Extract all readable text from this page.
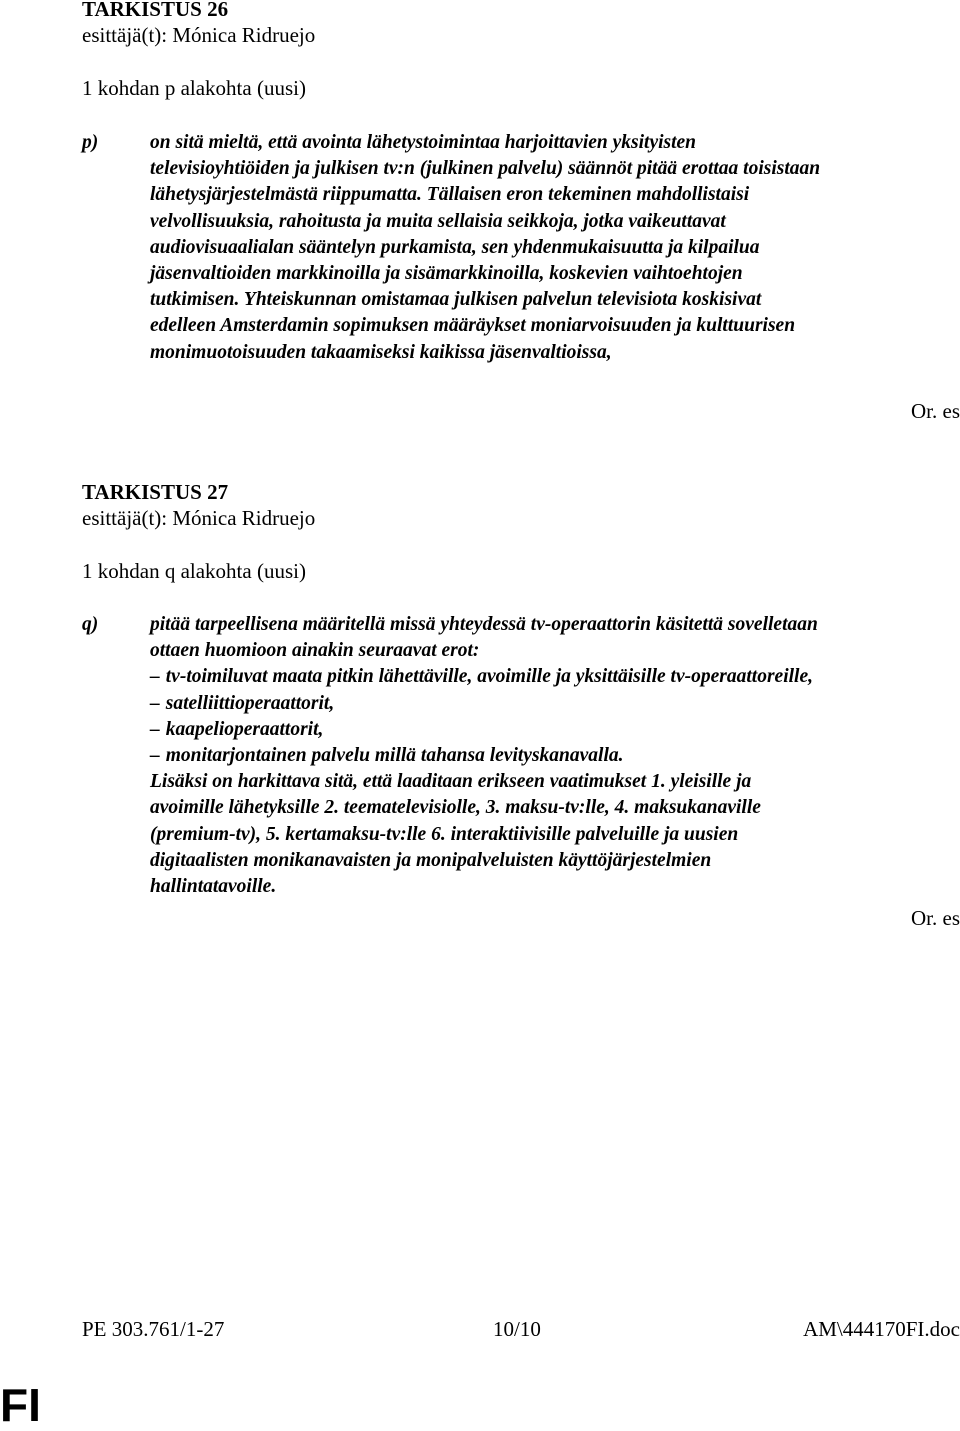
TARKISTUS 26
esittäjä(t): Mónica Ridruejo
1 kohdan p alakohta (uusi)
p)	on sitä mieltä, että avointa lähetystoimintaa harjoittavien yksityisten
televisioyhtiöiden ja julkisen tv:n (julkinen palvelu) säännöt pitää erottaa toisistaan
lähetysjärjestelmästä riippumatta. Tällaisen eron tekeminen mahdollistaisi
velvollisuuksia, rahoitusta ja muita sellaisia seikkoja, jotka vaikeuttavat
audiovisuaalialan sääntelyn purkamista, sen yhdenmukaisuutta ja kilpailua
jäsenvaltioiden markkinoilla ja sisämarkkinoilla, koskevien vaihtoehtojen
tutkimisen. Yhteiskunnan omistamaa julkisen palvelun televisiota koskisivat
edelleen Amsterdamin sopimuksen määräykset moniarvoisuuden ja kulttuurisen
monimuotoisuuden takaamiseksi kaikissa jäsenvaltioissa,
Or. es
TARKISTUS 27
esittäjä(t): Mónica Ridruejo
1 kohdan q alakohta (uusi)
q)	pitää tarpeellisena määritellä missä yhteydessä tv-operaattorin käsitettä sovelletaan
ottaen huomioon ainakin seuraavat erot:
– tv-toimiluvat maata pitkin lähettäville, avoimille ja yksittäisille tv-operaattoreille,
– satelliittioperaattorit,
– kaapelioperaattorit,
– monitarjontainen palvelu millä tahansa levityskanavalla.
Lisäksi on harkittava sitä, että laaditaan erikseen vaatimukset 1. yleisille ja
avoimille lähetyksille 2. teematelevisiolle, 3. maksu-tv:lle, 4. maksukanaville
(premium-tv), 5. kertamaksu-tv:lle 6. interaktiivisille palveluille ja uusien
digitaalisten monikanavaisten ja monipalveluisten käyttöjärjestelmien
hallintatavoille.
Or. es
PE 303.761/1-27	10/10	AM\444170FI.doc
FI
